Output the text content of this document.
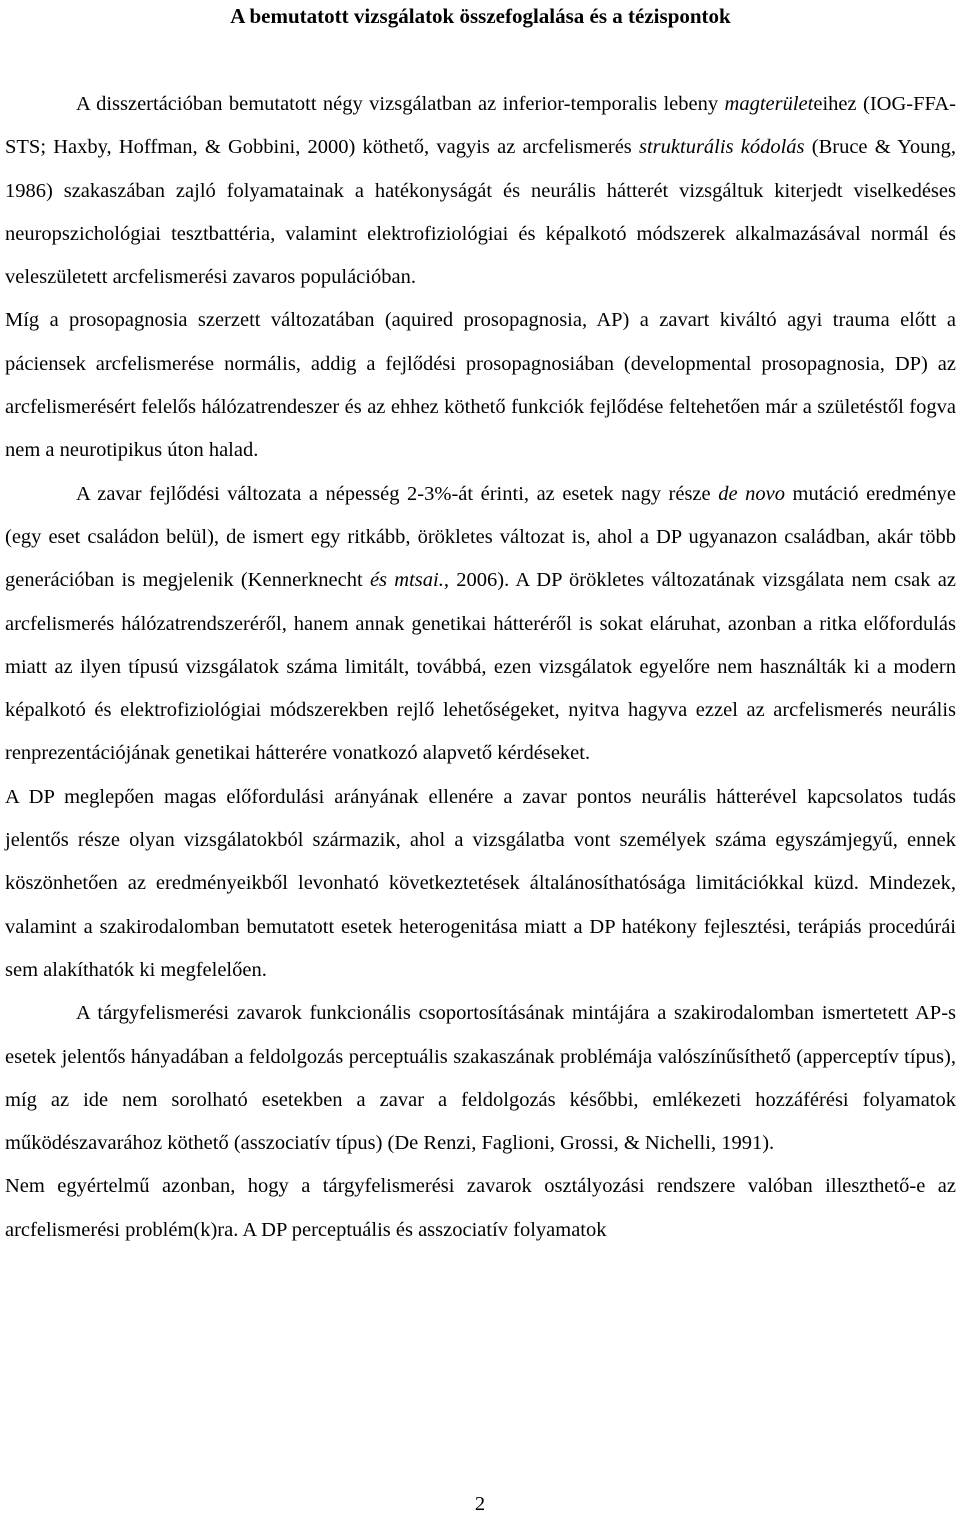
A bemutatott vizsgálatok összefoglalása és a tézispontok

A disszertációban bemutatott négy vizsgálatban az inferior-temporalis lebeny magterületeihez (IOG-FFA-STS; Haxby, Hoffman, & Gobbini, 2000) köthető, vagyis az arcfelismerés strukturális kódolás (Bruce & Young, 1986) szakaszában zajló folyamatainak a hatékonyságát és neurális hátterét vizsgáltuk kiterjedt viselkedéses neuropszichológiai tesztbattéria, valamint elektrofiziológiai és képalkotó módszerek alkalmazásával normál és veleszületett arcfelismerési zavaros populációban.

Míg a prosopagnosia szerzett változatában (aquired prosopagnosia, AP) a zavart kiváltó agyi trauma előtt a páciensek arcfelismerése normális, addig a fejlődési prosopagnosiában (developmental prosopagnosia, DP) az arcfelismerésért felelős hálózatrendeszer és az ehhez köthető funkciók fejlődése feltehetően már a születéstől fogva nem a neurotipikus úton halad.

A zavar fejlődési változata a népesség 2-3%-át érinti, az esetek nagy része de novo mutáció eredménye (egy eset családon belül), de ismert egy ritkább, örökletes változat is, ahol a DP ugyanazon családban, akár több generációban is megjelenik (Kennerknecht és mtsai., 2006). A DP örökletes változatának vizsgálata nem csak az arcfelismerés hálózatrendszeréről, hanem annak genetikai hátteréről is sokat eláruhat, azonban a ritka előfordulás miatt az ilyen típusú vizsgálatok száma limitált, továbbá, ezen vizsgálatok egyelőre nem használták ki a modern képalkotó és elektrofiziológiai módszerekben rejlő lehetőségeket, nyitva hagyva ezzel az arcfelismerés neurális renprezentációjának genetikai hátterére vonatkozó alapvető kérdéseket.

A DP meglepően magas előfordulási arányának ellenére a zavar pontos neurális hátterével kapcsolatos tudás jelentős része olyan vizsgálatokból származik, ahol a vizsgálatba vont személyek száma egyszámjegyű, ennek köszönhetően az eredményeikből levonható következtetések általánosíthatósága limitációkkal küzd. Mindezek, valamint a szakirodalomban bemutatott esetek heterogenitása miatt a DP hatékony fejlesztési, terápiás procedúrái sem alakíthatók ki megfelelően.

A tárgyfelismerési zavarok funkcionális csoportosításának mintájára a szakirodalomban ismertetett AP-s esetek jelentős hányadában a feldolgozás perceptuális szakaszának problémája valószínűsíthető (apperceptív típus), míg az ide nem sorolható esetekben a zavar a feldolgozás későbbi, emlékezeti hozzáférési folyamatok működészavarához köthető (asszociatív típus) (De Renzi, Faglioni, Grossi, & Nichelli, 1991).

Nem egyértelmű azonban, hogy a tárgyfelismerési zavarok osztályozási rendszere valóban illeszthető-e az arcfelismerési problém(k)ra. A DP perceptuális és asszociatív folyamatok

2
